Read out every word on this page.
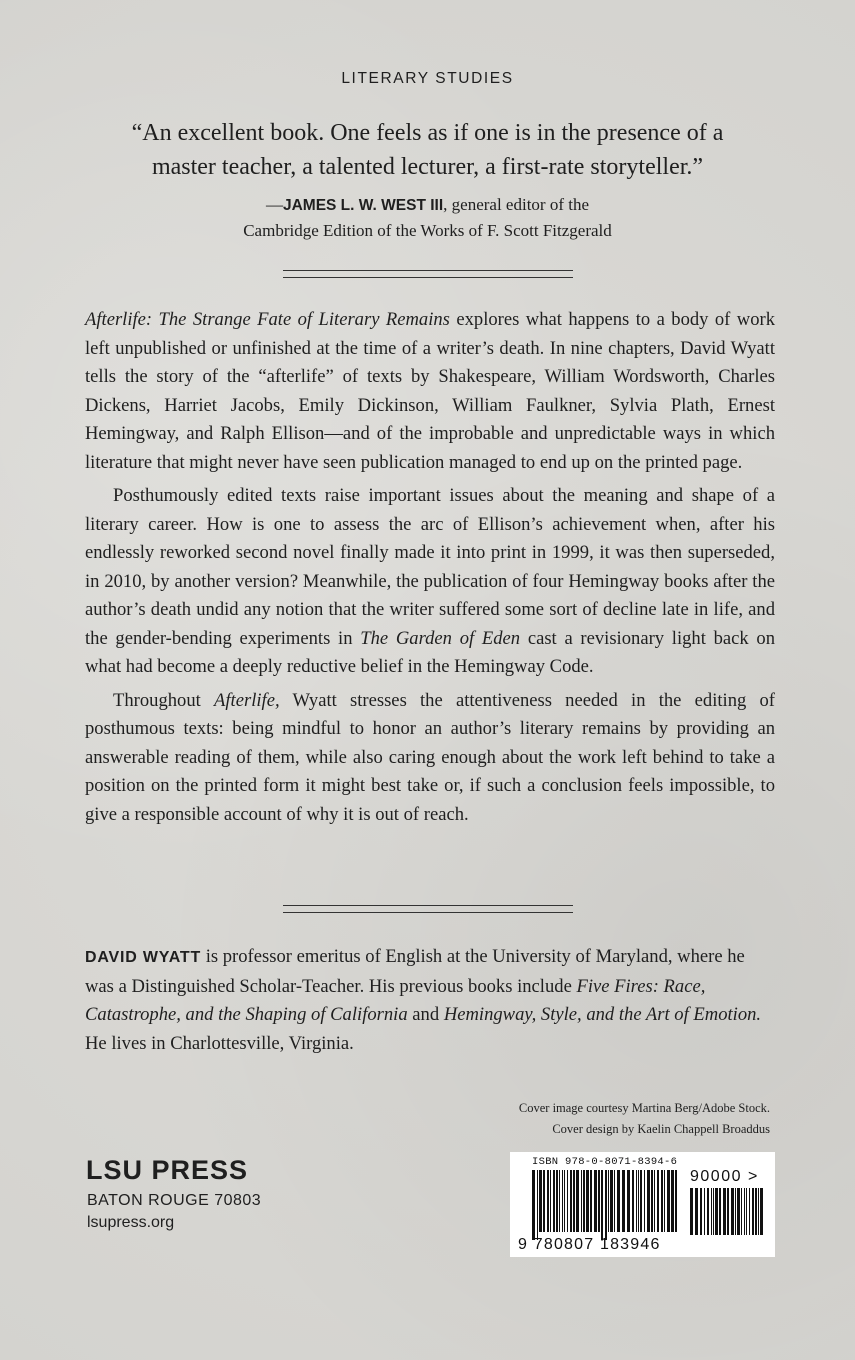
LITERARY STUDIES
“An excellent book. One feels as if one is in the presence of a
master teacher, a talented lecturer, a first-rate storyteller.”
—JAMES L. W. WEST III, general editor of the
Cambridge Edition of the Works of F. Scott Fitzgerald

Afterlife: The Strange Fate of Literary Remains explores what happens to a body of work left unpublished or unfinished at the time of a writer’s death. In nine chapters, David Wyatt tells the story of the “afterlife” of texts by Shakespeare, William Wordsworth, Charles Dickens, Harriet Jacobs, Emily Dickinson, William Faulkner, Sylvia Plath, Ernest Hemingway, and Ralph Ellison—and of the improbable and unpredictable ways in which literature that might never have seen publication managed to end up on the printed page.

Posthumously edited texts raise important issues about the meaning and shape of a literary career. How is one to assess the arc of Ellison’s achievement when, after his endlessly reworked second novel finally made it into print in 1999, it was then superseded, in 2010, by another version? Meanwhile, the publication of four Hemingway books after the author’s death undid any notion that the writer suffered some sort of decline late in life, and the gender-bending experiments in The Garden of Eden cast a revisionary light back on what had become a deeply reductive belief in the Hemingway Code.

Throughout Afterlife, Wyatt stresses the attentiveness needed in the editing of posthumous texts: being mindful to honor an author’s literary remains by providing an answerable reading of them, while also caring enough about the work left behind to take a position on the printed form it might best take or, if such a conclusion feels impossible, to give a responsible account of why it is out of reach.

DAVID WYATT is professor emeritus of English at the University of Maryland, where he was a Distinguished Scholar-Teacher. His previous books include Five Fires: Race, Catastrophe, and the Shaping of California and Hemingway, Style, and the Art of Emotion. He lives in Charlottesville, Virginia.
Cover image courtesy Martina Berg/Adobe Stock.
Cover design by Kaelin Chappell Broaddus
LSU PRESS
BATON ROUGE 70803
lsupress.org
ISBN 978-0-8071-8394-6
90000 >
9 780807 183946
